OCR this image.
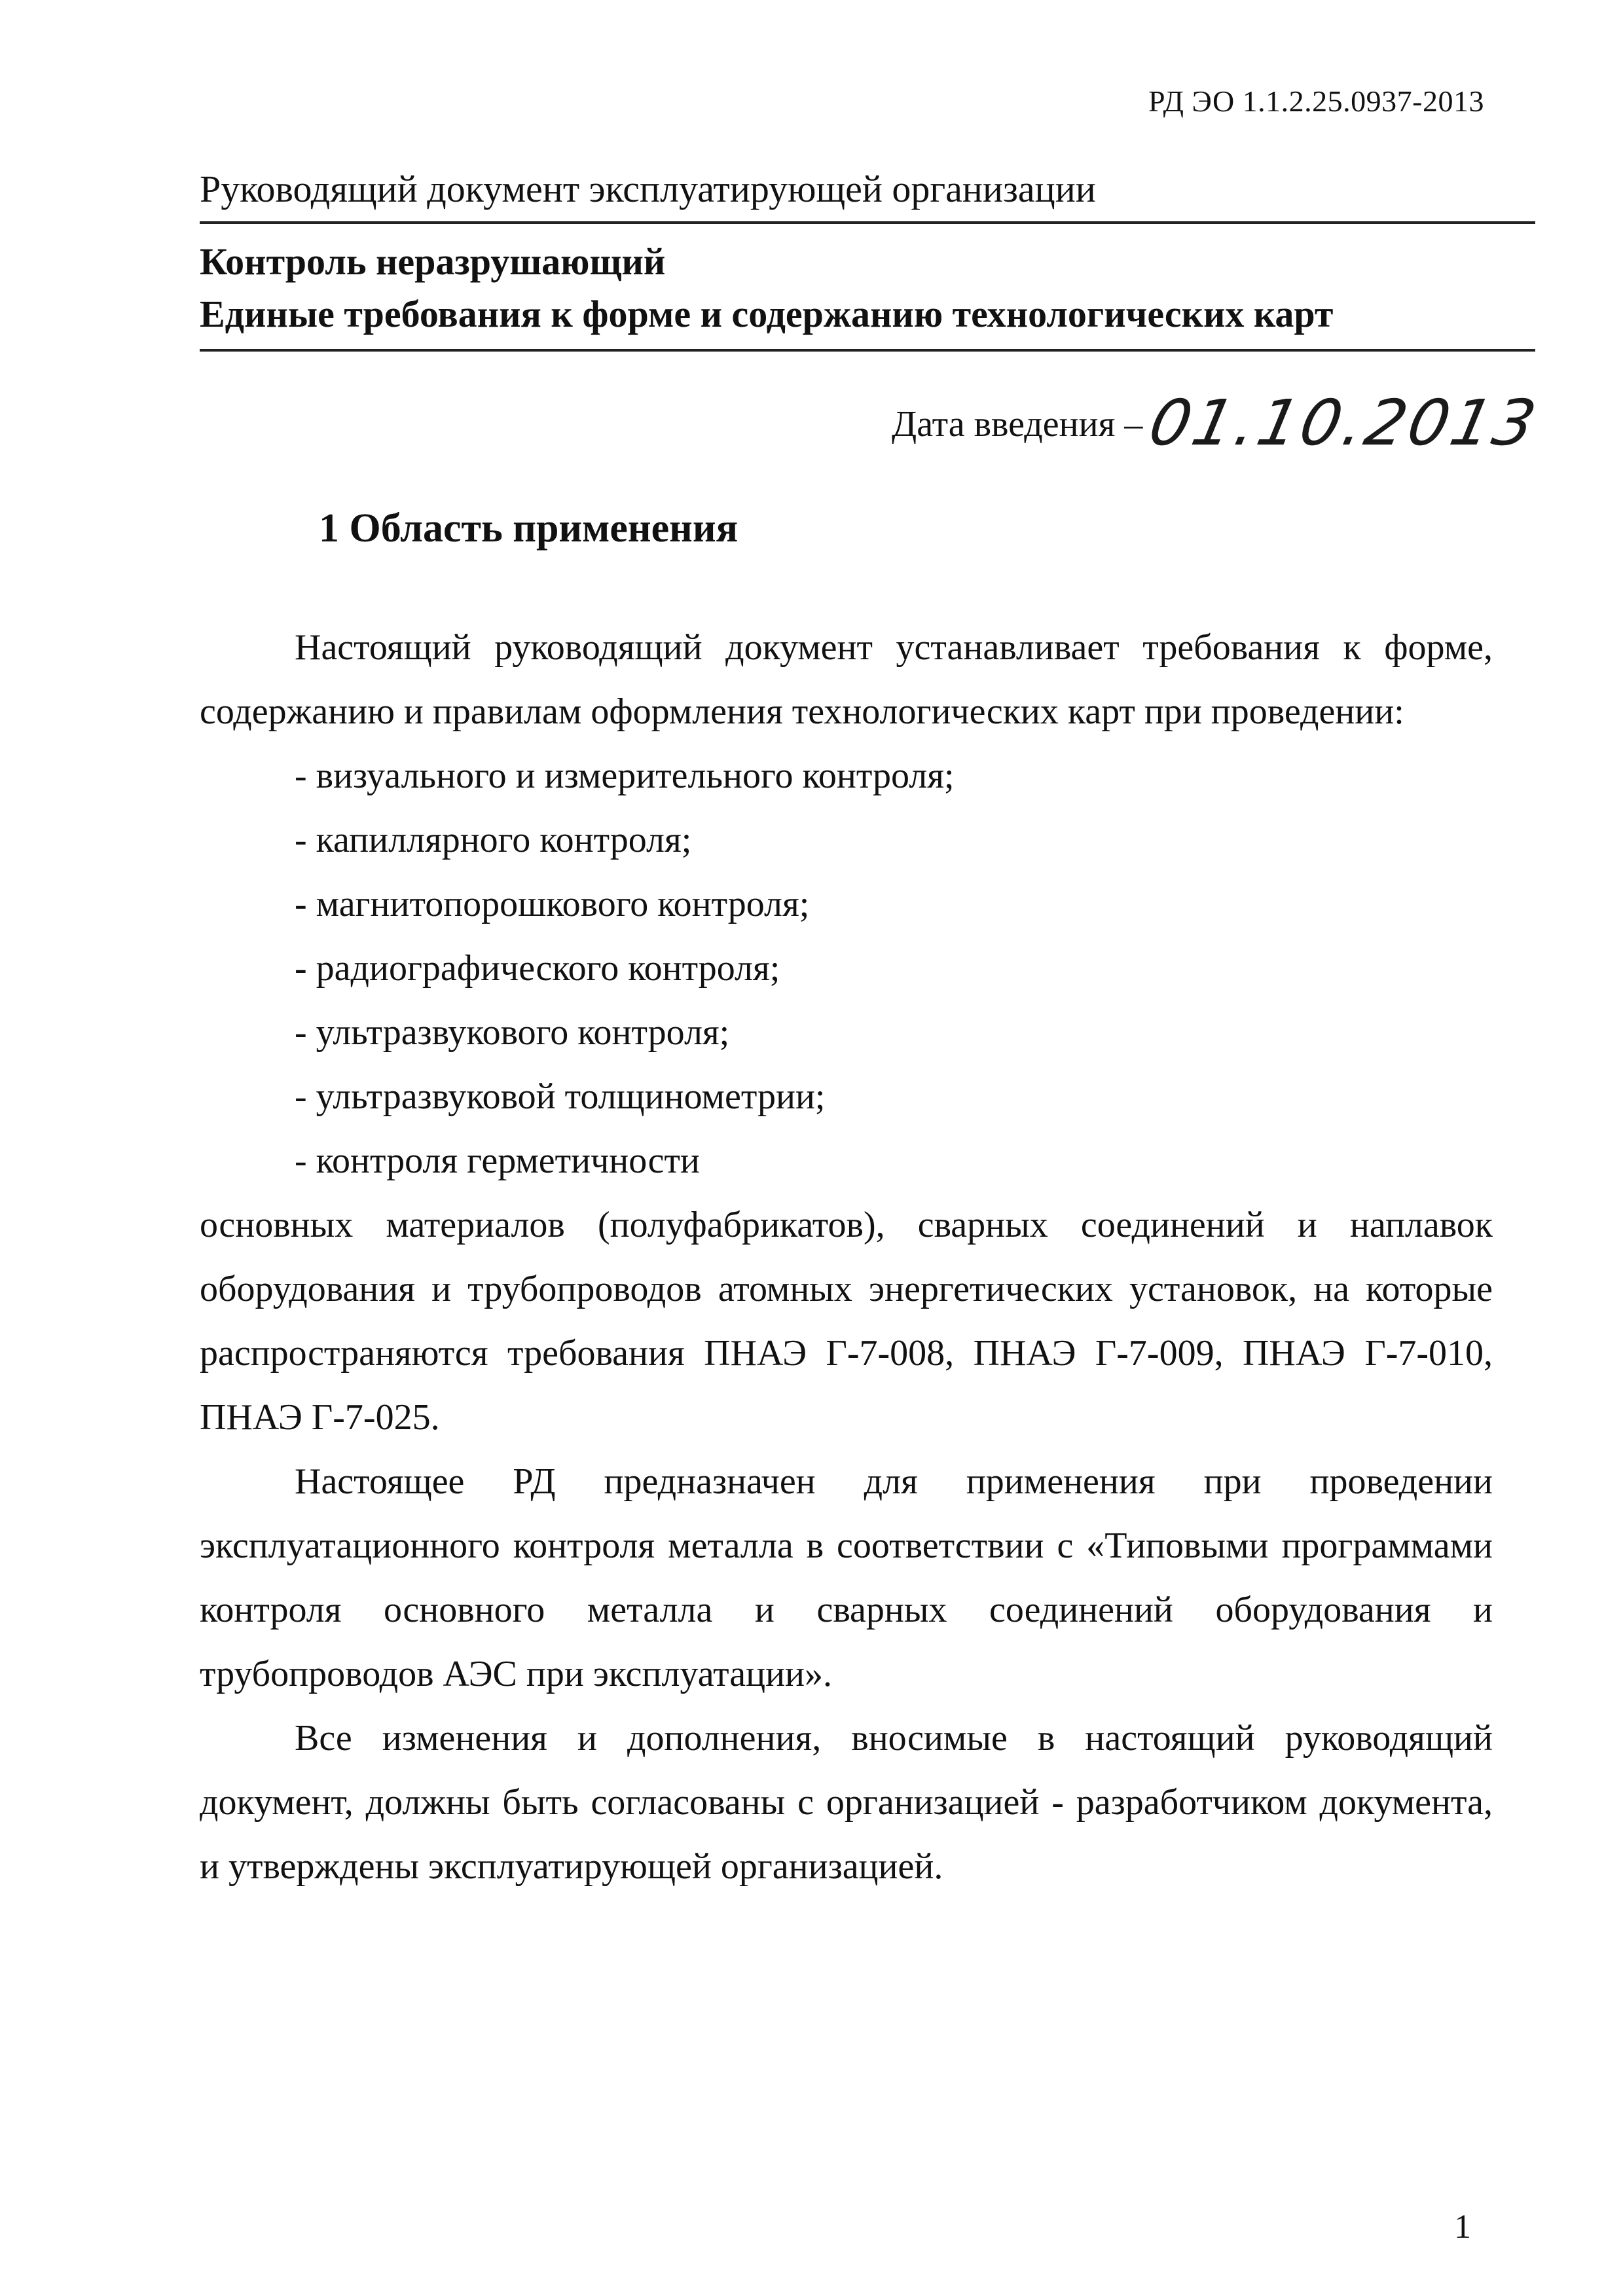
РД ЭО 1.1.2.25.0937-2013
Руководящий документ эксплуатирующей организации
Контроль неразрушающий
Единые требования к форме и содержанию технологических карт
Дата введения – 01.10.2013
1 Область применения

Настоящий руководящий документ устанавливает требования к форме, содержанию и правилам оформления технологических карт при проведении:

- визуального и измерительного контроля;

- капиллярного контроля;

- магнитопорошкового контроля;

- радиографического контроля;

- ультразвукового контроля;

- ультразвуковой толщинометрии;

- контроля герметичности

основных материалов (полуфабрикатов), сварных соединений и наплавок оборудования и трубопроводов атомных энергетических установок, на которые распространяются требования ПНАЭ Г-7-008, ПНАЭ Г-7-009, ПНАЭ Г-7-010, ПНАЭ Г-7-025.

Настоящее РД предназначен для применения при проведении эксплуатационного контроля металла в соответствии с «Типовыми программами контроля основного металла и сварных соединений оборудования и трубопроводов АЭС при эксплуатации».

Все изменения и дополнения, вносимые в настоящий руководящий документ, должны быть согласованы с организацией - разработчиком документа, и утверждены эксплуатирующей организацией.

1
